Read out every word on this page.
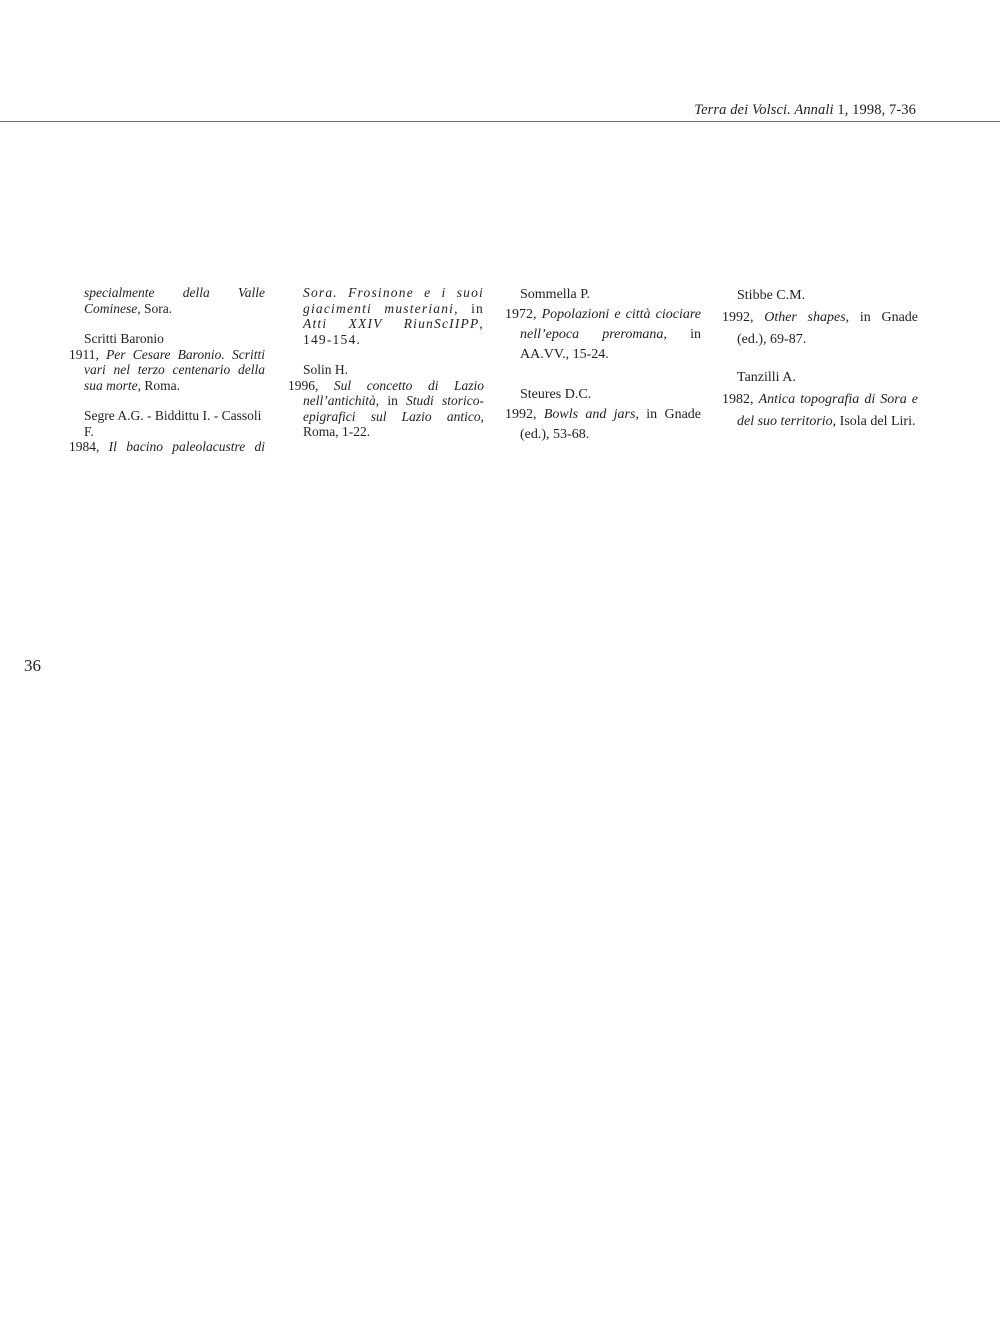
Terra dei Volsci. Annali 1, 1998, 7-36
specialmente della Valle
Cominese, Sora.
Scritti Baronio
1911, Per Cesare Baronio. Scritti vari nel terzo centenario della sua morte, Roma.
Segre A.G. - Biddittu I. - Cassoli F.
1984, Il bacino paleolacustre di
Sora. Frosinone e i suoi giacimenti musteriani, in Atti XXIV RiunScIIPP, 149-154.
Solin H.
1996, Sul concetto di Lazio nell’antichità, in Studi storico-epigrafici sul Lazio antico, Roma, 1-22.
Sommella P.
1972, Popolazioni e città ciociare nell’epoca preromana, in AA.VV., 15-24.
Steures D.C.
1992, Bowls and jars, in Gnade (ed.), 53-68.
Stibbe C.M.
1992, Other shapes, in Gnade (ed.), 69-87.
Tanzilli A.
1982, Antica topografia di Sora e del suo territorio, Isola del Liri.
36
